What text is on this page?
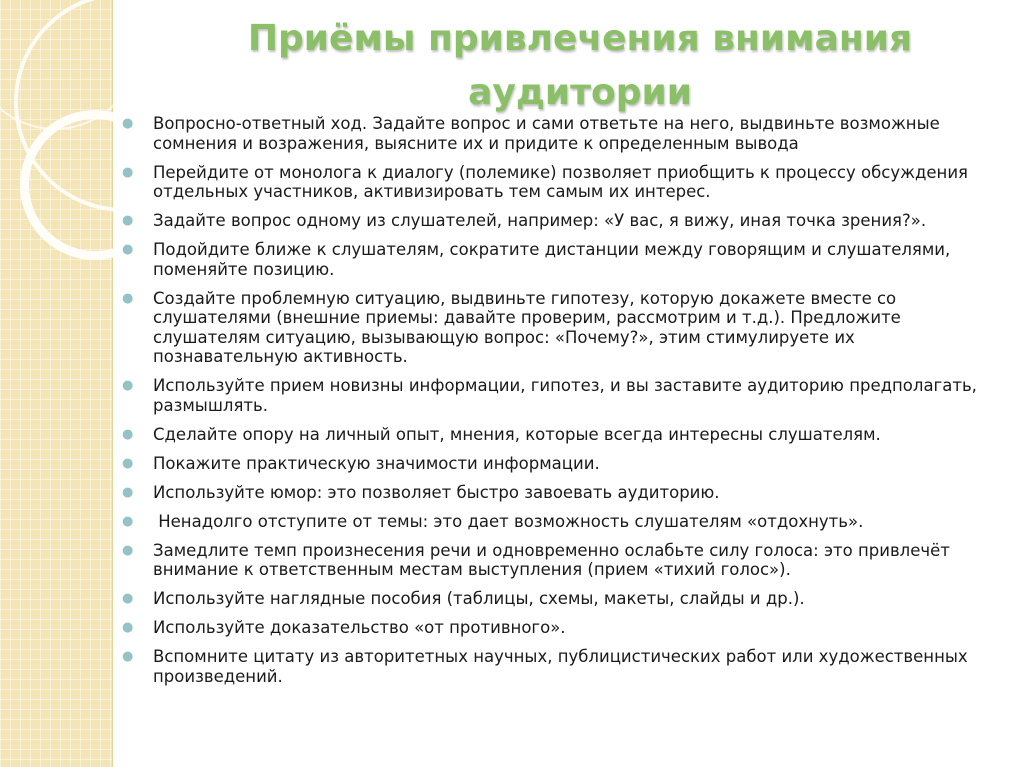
Приёмы привлечения внимания
аудитории
● Вопросно-ответный ход. Задайте вопрос и сами ответьте на него, выдвиньте возможные сомнения и возражения, выясните их и придите к определенным вывода
● Перейдите от монолога к диалогу (полемике) позволяет приобщить к процессу обсуждения отдельных участников, активизировать тем самым их интерес.
● Задайте вопрос одному из слушателей, например: «У вас, я вижу, иная точка зрения?».
● Подойдите ближе к слушателям, сократите дистанции между говорящим и слушателями, поменяйте позицию.
● Создайте проблемную ситуацию, выдвиньте гипотезу, которую докажете вместе со слушателями (внешние приемы: давайте проверим, рассмотрим и т.д.). Предложите слушателям ситуацию, вызывающую вопрос: «Почему?», этим стимулируете их познавательную активность.
● Используйте прием новизны информации, гипотез, и вы заставите аудиторию предполагать, размышлять.
● Сделайте опору на личный опыт, мнения, которые всегда интересны слушателям.
● Покажите практическую значимости информации.
● Используйте юмор: это позволяет быстро завоевать аудиторию.
● Ненадолго отступите от темы: это дает возможность слушателям «отдохнуть».
● Замедлите темп произнесения речи и одновременно ослабьте силу голоса: это привлечёт внимание к ответственным местам выступления (прием «тихий голос»).
● Используйте наглядные пособия (таблицы, схемы, макеты, слайды и др.).
● Используйте доказательство «от противного».
● Вспомните цитату из авторитетных научных, публицистических работ или художественных произведений.
